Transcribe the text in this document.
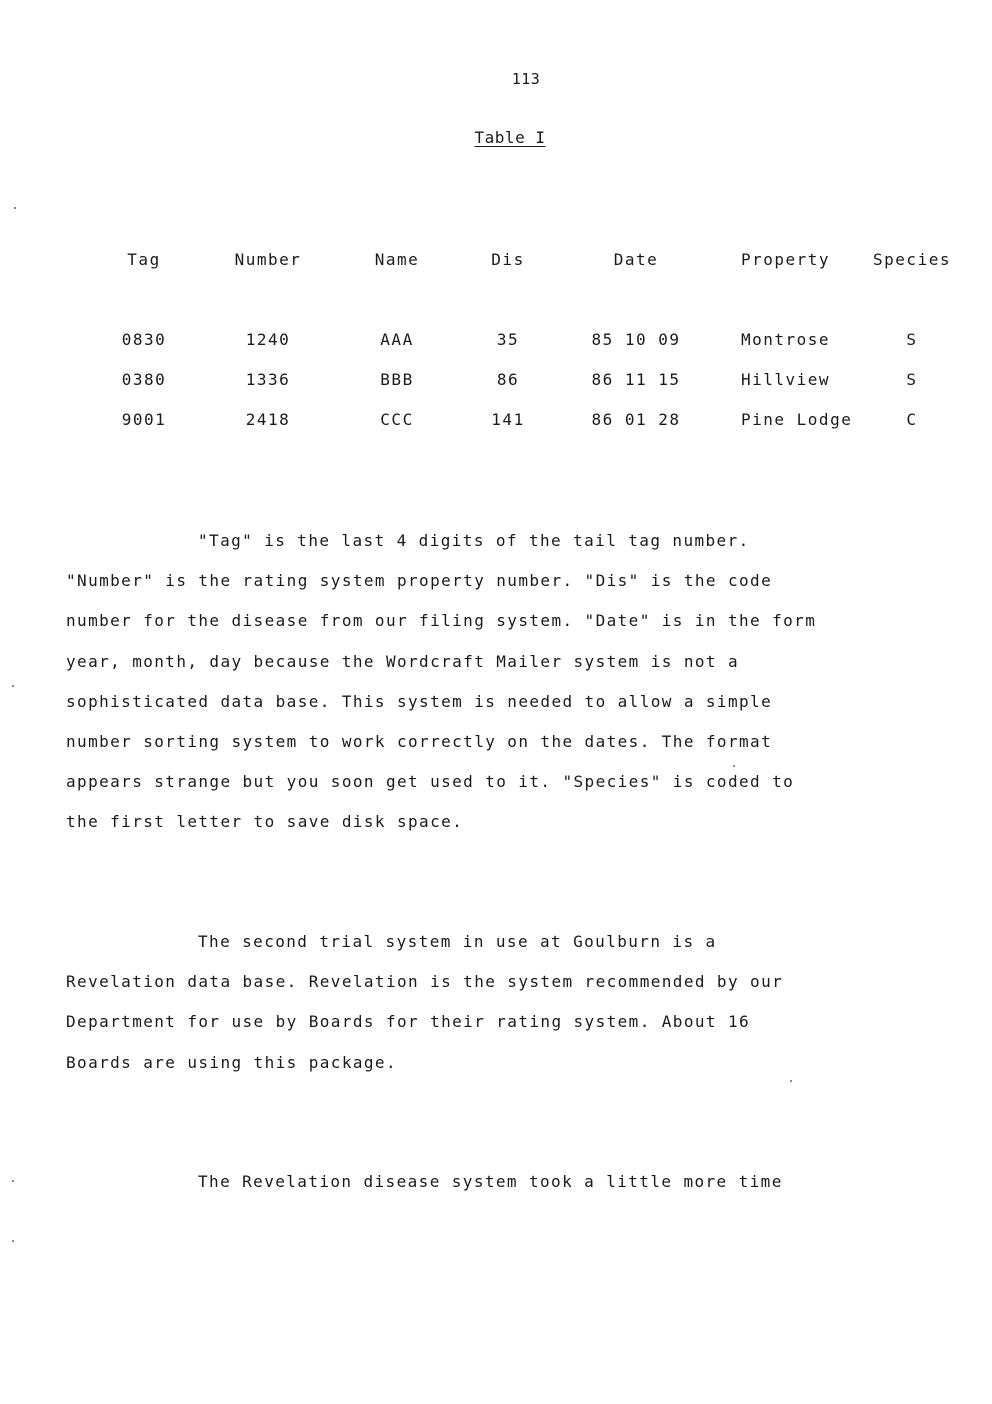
113
Table I
Tag	Number	Name	Dis	Date	Property	Species
0830	1240	AAA	35	85 10 09	Montrose	S
0380	1336	BBB	86	86 11 15	Hillview	S
9001	2418	CCC	141	86 01 28	Pine Lodge	C
"Tag" is the last 4 digits of the tail tag number.
"Number" is the rating system property number. "Dis" is the code
number for the disease from our filing system. "Date" is in the form
year, month, day because the Wordcraft Mailer system is not a
sophisticated data base. This system is needed to allow a simple
number sorting system to work correctly on the dates. The format
appears strange but you soon get used to it. "Species" is coded to
the first letter to save disk space.
The second trial system in use at Goulburn is a
Revelation data base. Revelation is the system recommended by our
Department for use by Boards for their rating system. About 16
Boards are using this package.
The Revelation disease system took a little more time
